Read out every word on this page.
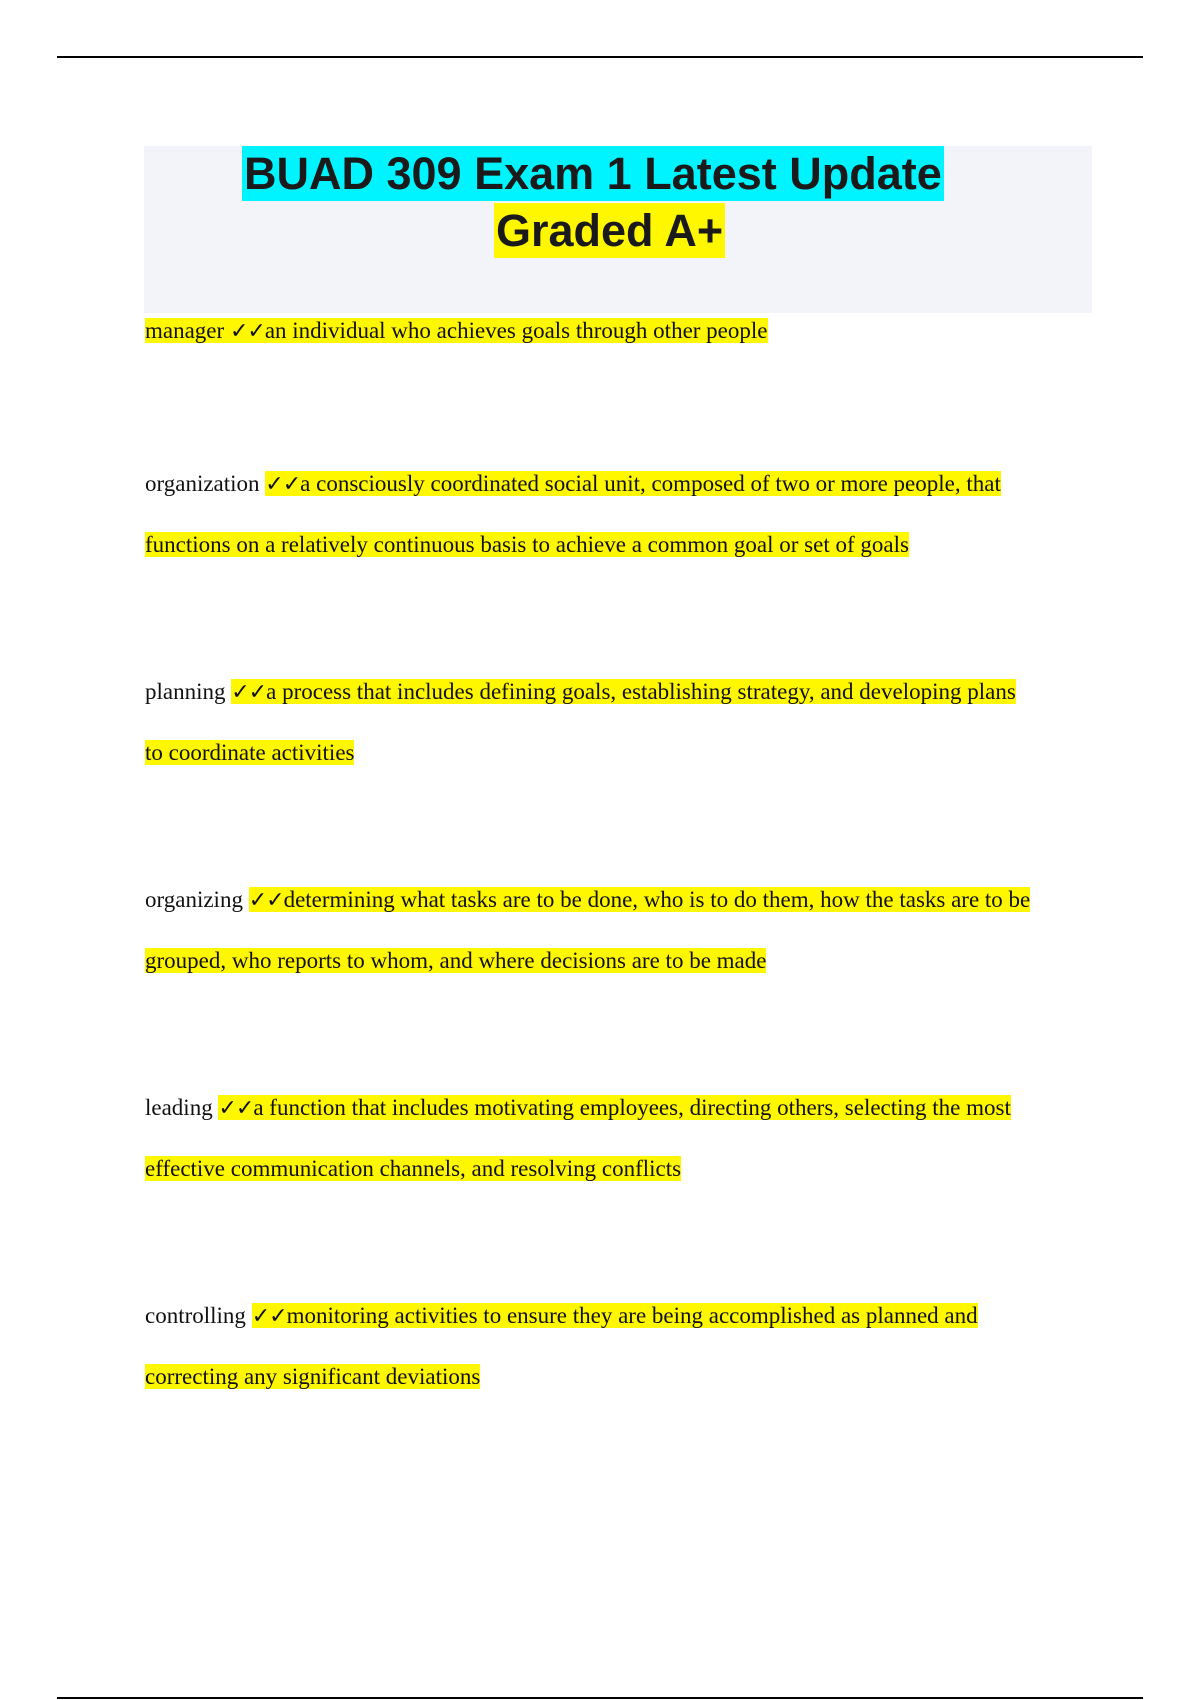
BUAD 309 Exam 1 Latest Update
Graded A+
manager ✓✓an individual who achieves goals through other people
organization ✓✓a consciously coordinated social unit, composed of two or more people, that
functions on a relatively continuous basis to achieve a common goal or set of goals
planning ✓✓a process that includes defining goals, establishing strategy, and developing plans
to coordinate activities
organizing ✓✓determining what tasks are to be done, who is to do them, how the tasks are to be
grouped, who reports to whom, and where decisions are to be made
leading ✓✓a function that includes motivating employees, directing others, selecting the most
effective communication channels, and resolving conflicts
controlling ✓✓monitoring activities to ensure they are being accomplished as planned and
correcting any significant deviations
